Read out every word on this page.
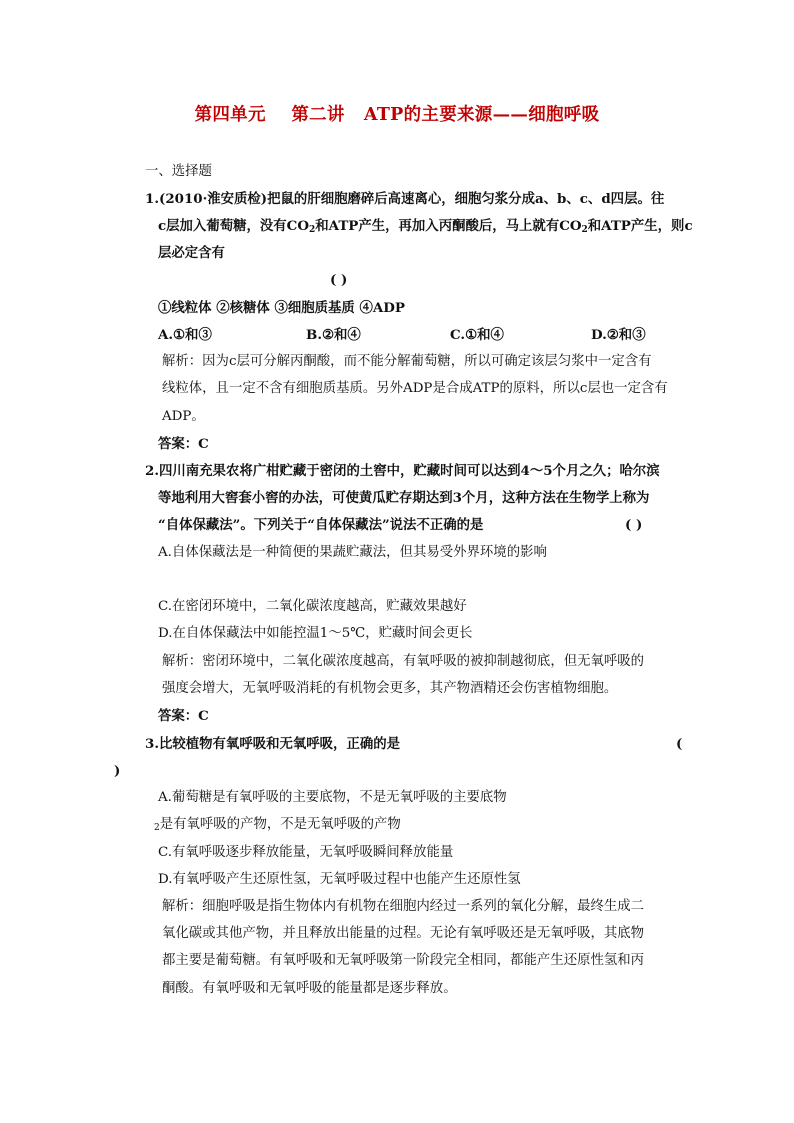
第四单元    第二讲   ATP的主要来源——细胞呼吸
一、选择题
1.(2010·淮安质检)把鼠的肝细胞磨碎后高速离心，细胞匀浆分成a、b、c、d四层。往
c层加入葡萄糖，没有$CO_2$和ATP产生，再加入丙酮酸后，马上就有$CO_2$和ATP产生，则c
层必定含有
( )
①线粒体 ②核糖体 ③细胞质基质 ④ADP
A.①和③	B.②和④	C.①和④	D.②和③
解析：因为c层可分解丙酮酸，而不能分解葡萄糖，所以可确定该层匀浆中一定含有
线粒体，且一定不含有细胞质基质。另外ADP是合成ATP的原料，所以c层也一定含有
ADP。
答案：C
2.四川南充果农将广柑贮藏于密闭的土窖中，贮藏时间可以达到4～5个月之久；哈尔滨
等地利用大窖套小窖的办法，可使黄瓜贮存期达到3个月，这种方法在生物学上称为
“自体保藏法”。下列关于“自体保藏法”说法不正确的是	( )
A.自体保藏法是一种简便的果蔬贮藏法，但其易受外界环境的影响
C.在密闭环境中，二氧化碳浓度越高，贮藏效果越好
D.在自体保藏法中如能控温1～5℃，贮藏时间会更长
解析：密闭环境中，二氧化碳浓度越高，有氧呼吸的被抑制越彻底，但无氧呼吸的
强度会增大，无氧呼吸消耗的有机物会更多，其产物酒精还会伤害植物细胞。
答案：C
3.比较植物有氧呼吸和无氧呼吸，正确的是	(
)
A.葡萄糖是有氧呼吸的主要底物，不是无氧呼吸的主要底物
$_2$是有氧呼吸的产物，不是无氧呼吸的产物
C.有氧呼吸逐步释放能量，无氧呼吸瞬间释放能量
D.有氧呼吸产生还原性氢，无氧呼吸过程中也能产生还原性氢
解析：细胞呼吸是指生物体内有机物在细胞内经过一系列的氧化分解，最终生成二
氧化碳或其他产物，并且释放出能量的过程。无论有氧呼吸还是无氧呼吸，其底物
都主要是葡萄糖。有氧呼吸和无氧呼吸第一阶段完全相同，都能产生还原性氢和丙
酮酸。有氧呼吸和无氧呼吸的能量都是逐步释放。
